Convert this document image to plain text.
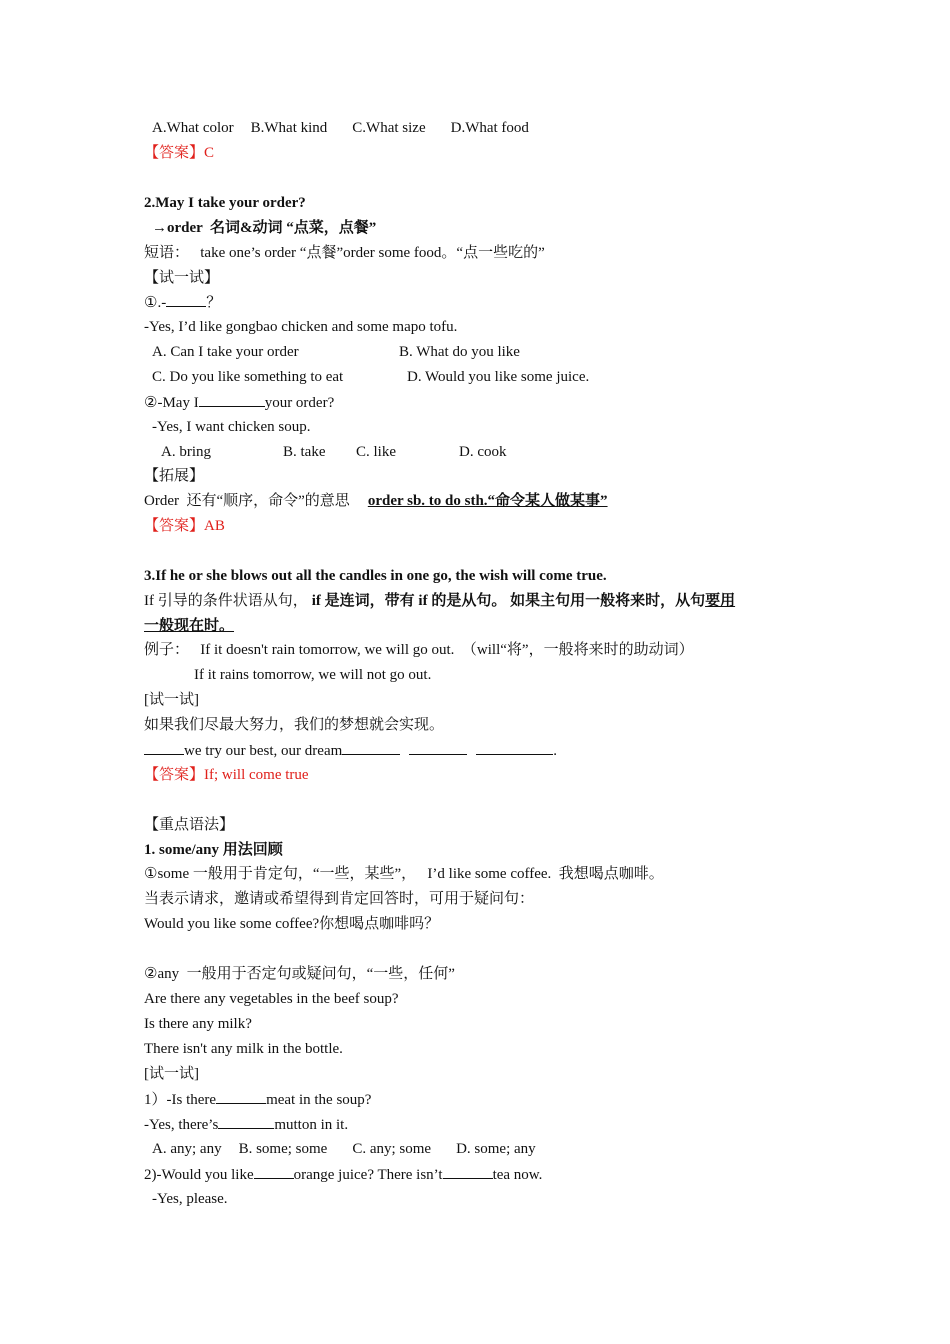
A.What color B.What kind C.What size D.What food
【答案】C
2.May I take your order?
→order  名词&动词 “点菜，点餐”
短语：   take one’s order “点餐”order some food。“点一些吃的”
【试一试】
①.-	？
-Yes, I’d like gongbao chicken and some mapo tofu.
A. Can I take your order	B. What do you like
C. Do you like something to eat	D. Would you like some juice.
②-May I	your order?
-Yes, I want chicken soup.
A. bring	B. take C. like	D. cook
【拓展】
Order  还有“顺序，命令”的意思 order sb. to do sth.“命令某人做某事”
【答案】AB
3.If he or she blows out all the candles in one go, the wish will come true.
If 引导的条件状语从句， if 是连词，带有 if 的是从句。 如果主句用一般将来时，从句要用
一般现在时。
例子：   If it doesn't rain tomorrow, we will go out.  （will“将”，一般将来时的助动词）
If it rains tomorrow, we will not go out.
[试一试]
如果我们尽最大努力，我们的梦想就会实现。
we try our best, our dream	.
【答案】If; will come true
【重点语法】
1. some/any 用法回顾
①some 一般用于肯定句，“一些，某些”，   I’d like some coffee.  我想喝点咖啡。
当表示请求，邀请或希望得到肯定回答时，可用于疑问句：
Would you like some coffee?你想喝点咖啡吗？
②any  一般用于否定句或疑问句，“一些，任何”
Are there any vegetables in the beef soup?
Is there any milk?
There isn't any milk in the bottle.
[试一试]
1）-Is there	meat in the soup?
-Yes, there’s	mutton in it.
A. any; any B. some; some C. any; some D. some; any
2)-Would you like	orange juice? There isn’t	tea now.
-Yes, please.
